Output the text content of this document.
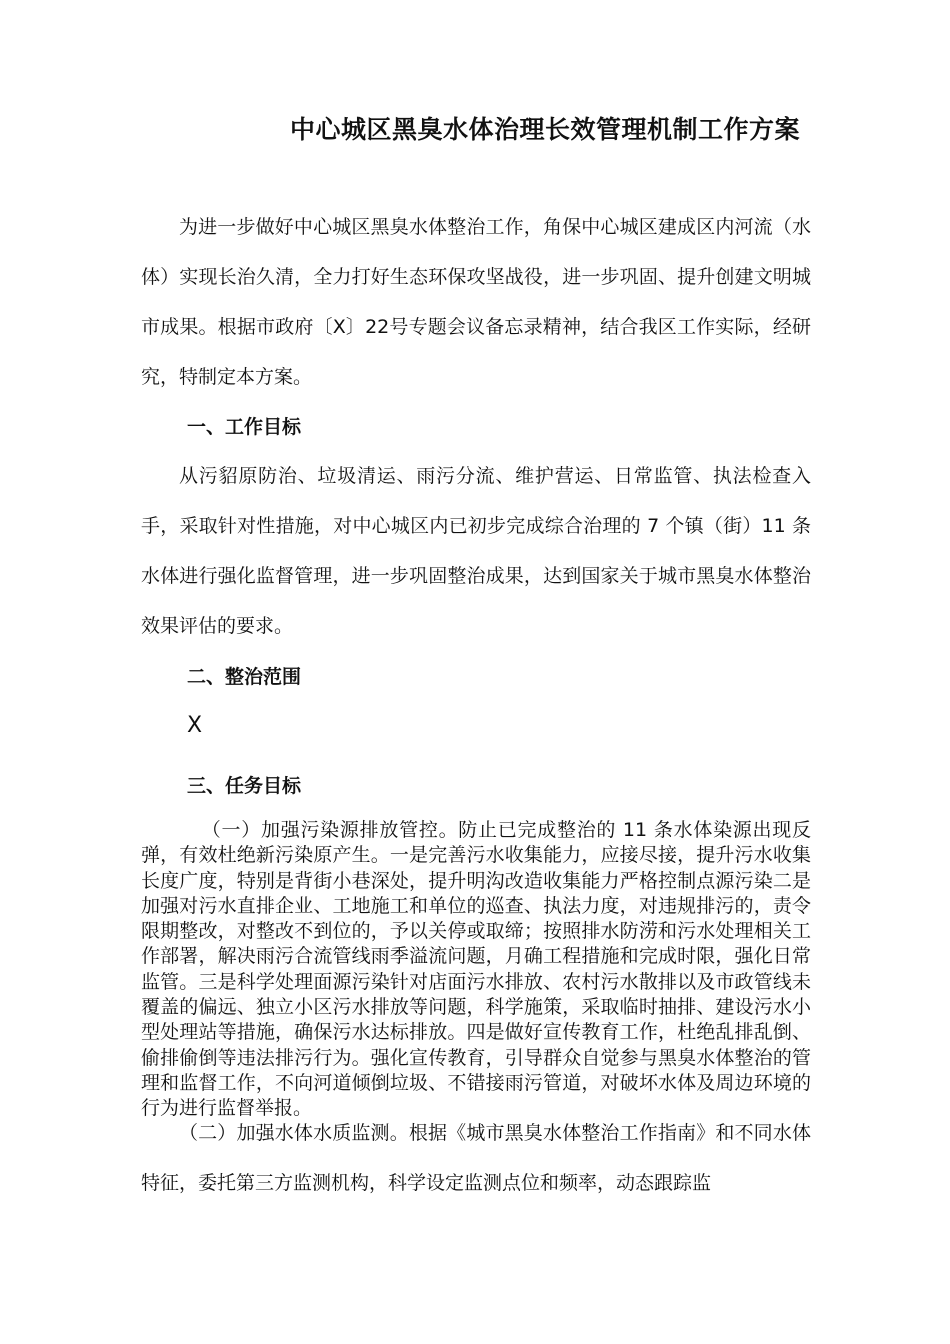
中心城区黑臭水体治理长效管理机制工作方案

为进一步做好中心城区黑臭水体整治工作，角保中心城区建成区内河流（水体）实现长治久清，全力打好生态环保攻坚战役，进一步巩固、提升创建文明城市成果。根据市政府〔X〕22号专题会议备忘录精神，结合我区工作实际，经研究，特制定本方案。

一、工作目标

从污貂原防治、垃圾清运、雨污分流、维护营运、日常监管、执法检查入手，采取针对性措施，对中心城区内已初步完成综合治理的 7 个镇（街）11 条水体进行强化监督管理，进一步巩固整治成果，达到国家关于城市黑臭水体整治效果评估的要求。

二、整治范围
X
三、任务目标

（一）加强污染源排放管控。防止已完成整治的 11 条水体染源出现反弹，有效杜绝新污染原产生。一是完善污水收集能力，应接尽接，提升污水收集长度广度，特别是背街小巷深处，提升明沟改造收集能力严格控制点源污染二是加强对污水直排企业、工地施工和单位的巡查、执法力度，对违规排污的，责令限期整改，对整改不到位的，予以关停或取缔；按照排水防涝和污水处理相关工作部署，解决雨污合流管线雨季溢流问题，月确工程措施和完成时限，强化日常监管。三是科学处理面源污染针对店面污水排放、农村污水散排以及市政管线未覆盖的偏远、独立小区污水排放等问题，科学施策，采取临时抽排、建设污水小型处理站等措施，确保污水达标排放。四是做好宣传教育工作，杜绝乱排乱倒、偷排偷倒等违法排污行为。强化宣传教育，引导群众自觉参与黑臭水体整治的管理和监督工作，不向河道倾倒垃圾、不错接雨污管道，对破坏水体及周边环境的行为进行监督举报。

（二）加强水体水质监测。根据《城市黑臭水体整治工作指南》和不同水体特征，委托第三方监测机构，科学设定监测点位和频率，动态跟踪监
